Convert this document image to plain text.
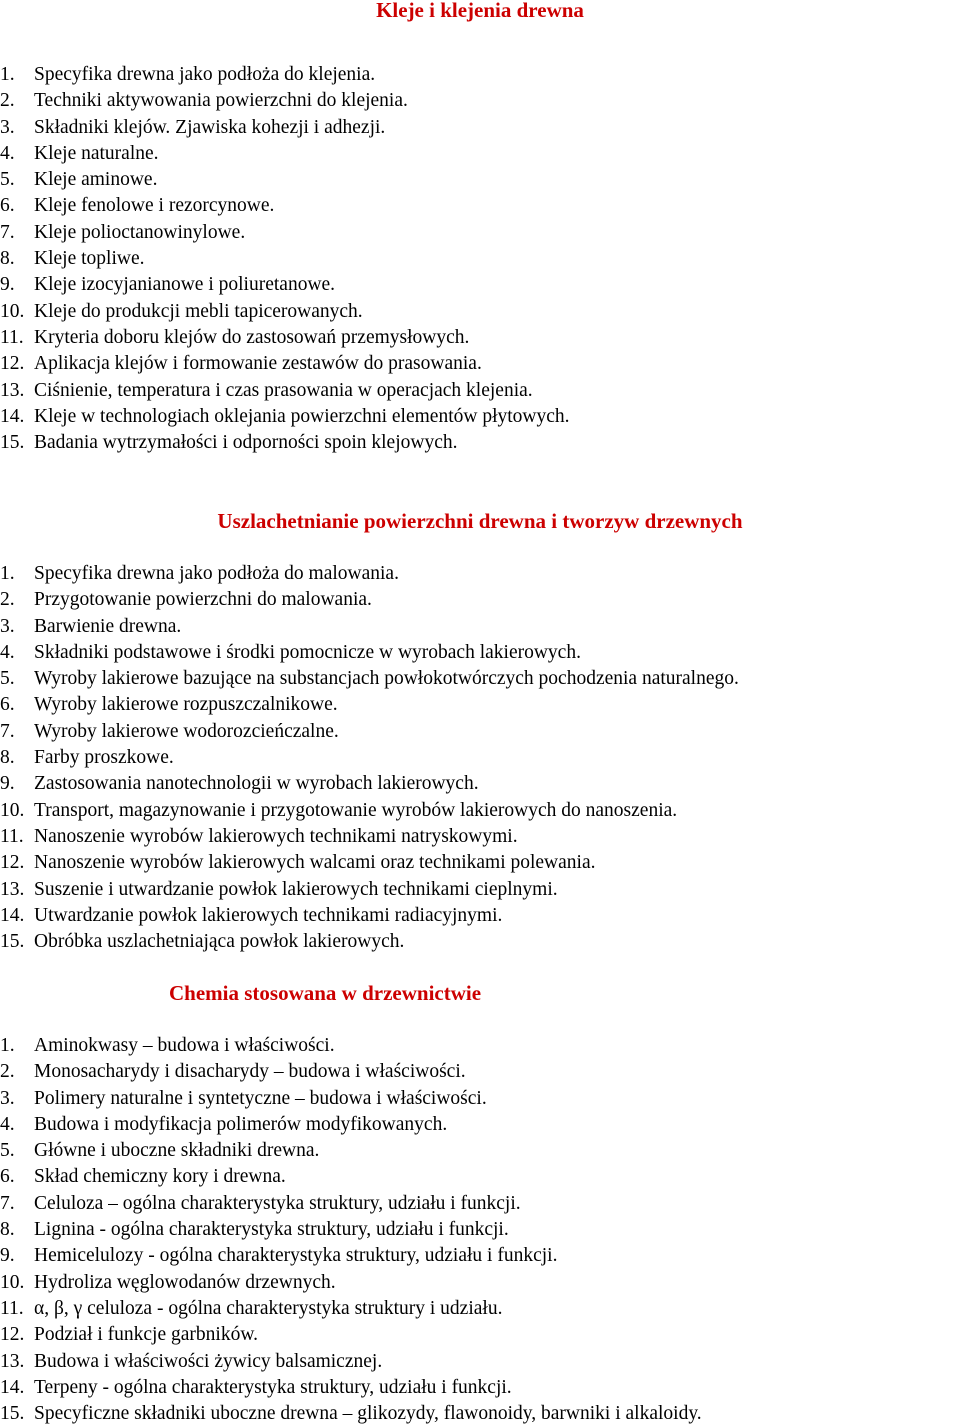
Kleje i klejenia drewna
1. Specyfika drewna jako podłoża do klejenia.
2. Techniki aktywowania powierzchni do klejenia.
3. Składniki klejów. Zjawiska kohezji i adhezji.
4. Kleje naturalne.
5. Kleje aminowe.
6. Kleje fenolowe i rezorcynowe.
7. Kleje polioctanowinylowe.
8. Kleje topliwe.
9. Kleje izocyjanianowe i poliuretanowe.
10. Kleje do produkcji mebli tapicerowanych.
11. Kryteria doboru klejów do zastosowań przemysłowych.
12. Aplikacja klejów i formowanie zestawów do prasowania.
13. Ciśnienie, temperatura i czas prasowania w operacjach klejenia.
14. Kleje w technologiach oklejania powierzchni elementów płytowych.
15. Badania wytrzymałości i odporności spoin klejowych.
Uszlachetnianie powierzchni drewna i tworzyw drzewnych
1. Specyfika drewna jako podłoża do malowania.
2. Przygotowanie powierzchni do malowania.
3. Barwienie drewna.
4. Składniki podstawowe i środki pomocnicze w wyrobach lakierowych.
5. Wyroby lakierowe bazujące na substancjach powłokotwórczych pochodzenia naturalnego.
6. Wyroby lakierowe rozpuszczalnikowe.
7. Wyroby lakierowe wodorozcieńczalne.
8. Farby proszkowe.
9. Zastosowania nanotechnologii w wyrobach lakierowych.
10. Transport, magazynowanie i przygotowanie wyrobów lakierowych do nanoszenia.
11. Nanoszenie wyrobów lakierowych technikami natryskowymi.
12. Nanoszenie wyrobów lakierowych walcami oraz technikami polewania.
13. Suszenie i utwardzanie powłok lakierowych technikami cieplnymi.
14. Utwardzanie powłok lakierowych technikami radiacyjnymi.
15. Obróbka uszlachetniająca powłok lakierowych.
Chemia stosowana w drzewnictwie
1. Aminokwasy – budowa i właściwości.
2. Monosacharydy i disacharydy – budowa i właściwości.
3. Polimery naturalne i syntetyczne – budowa i właściwości.
4. Budowa i modyfikacja polimerów modyfikowanych.
5. Główne i uboczne składniki drewna.
6. Skład chemiczny kory i drewna.
7. Celuloza – ogólna charakterystyka struktury, udziału i funkcji.
8. Lignina - ogólna charakterystyka struktury, udziału i funkcji.
9. Hemicelulozy - ogólna charakterystyka struktury, udziału i funkcji.
10. Hydroliza węglowodanów drzewnych.
11. α, β, γ celuloza - ogólna charakterystyka struktury i udziału.
12. Podział i funkcje garbników.
13. Budowa i właściwości żywicy balsamicznej.
14. Terpeny - ogólna charakterystyka struktury, udziału i funkcji.
15. Specyficzne składniki uboczne drewna – glikozydy, flawonoidy, barwniki i alkaloidy.
